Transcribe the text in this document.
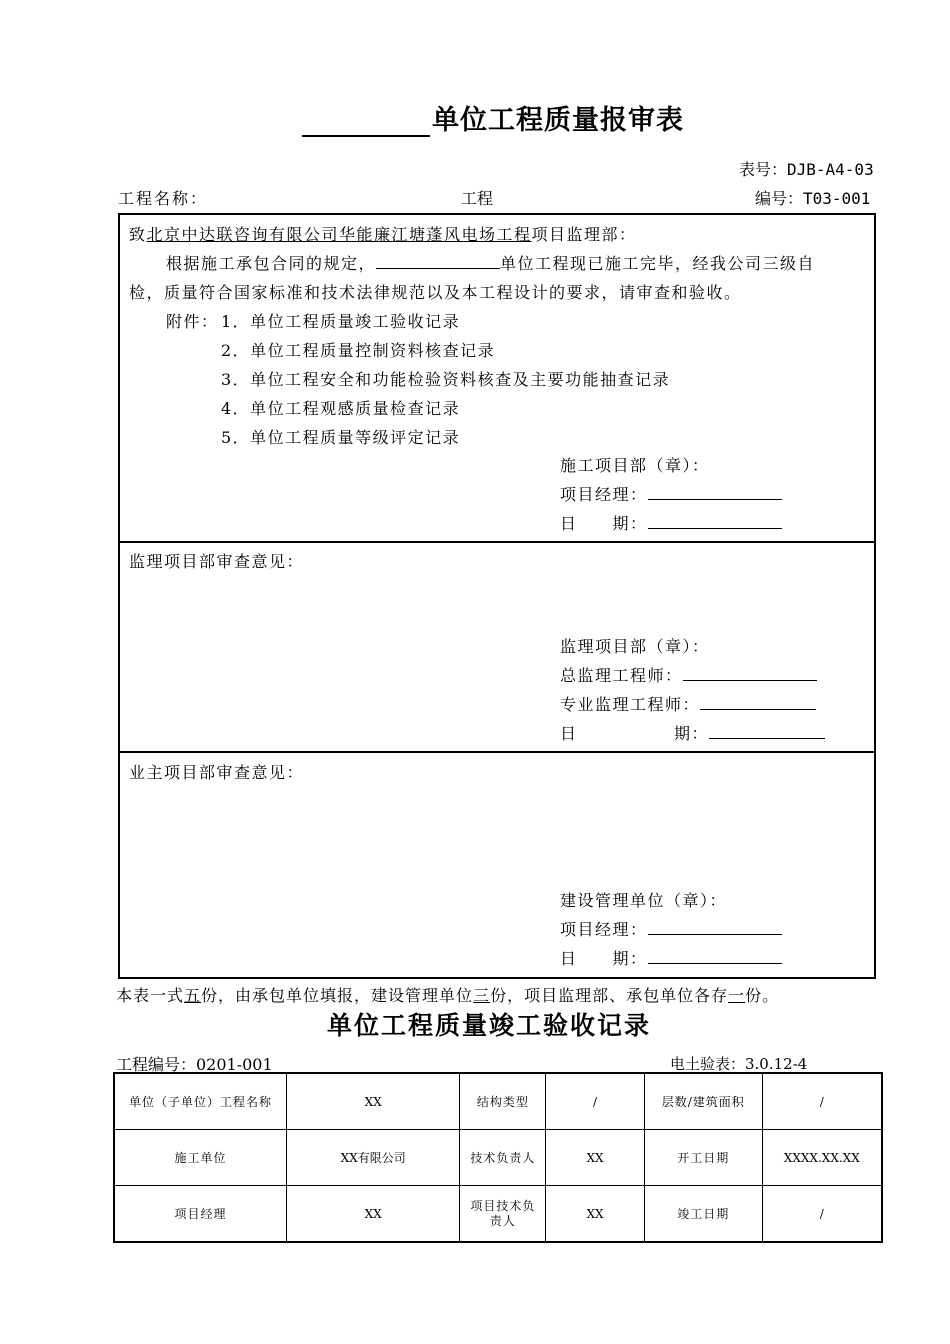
单位工程质量报审表
表号：DJB-A4-03
工程名称：	工程	编号：T03-001
致北京中达联咨询有限公司华能廉江塘蓬风电场工程项目监理部：
根据施工承包合同的规定，	单位工程现已施工完毕，经我公司三级自
检，质量符合国家标准和技术法律规范以及本工程设计的要求，请审查和验收。
附件： 1．单位工程质量竣工验收记录
2．单位工程质量控制资料核查记录
3．单位工程安全和功能检验资料核查及主要功能抽查记录
4．单位工程观感质量检查记录
5．单位工程质量等级评定记录
施工项目部（章）：
项目经理：
日　　期：
监理项目部审查意见：
监理项目部（章）：
总监理工程师：
专业监理工程师：
日	期：
业主项目部审查意见：
建设管理单位（章）：
项目经理：
日　　期：
本表一式五份，由承包单位填报，建设管理单位三份，项目监理部、承包单位各存一份。
单位工程质量竣工验收记录
工程编号：0201-001	电土验表：3.0.12-4
单位（子单位）工程名称	XX	结构类型	/	层数/建筑面积	/
施工单位	XX有限公司	技术负责人	XX	开工日期	XXXX.XX.XX
项目经理	XX	项目技术负责人	XX	竣工日期	/
